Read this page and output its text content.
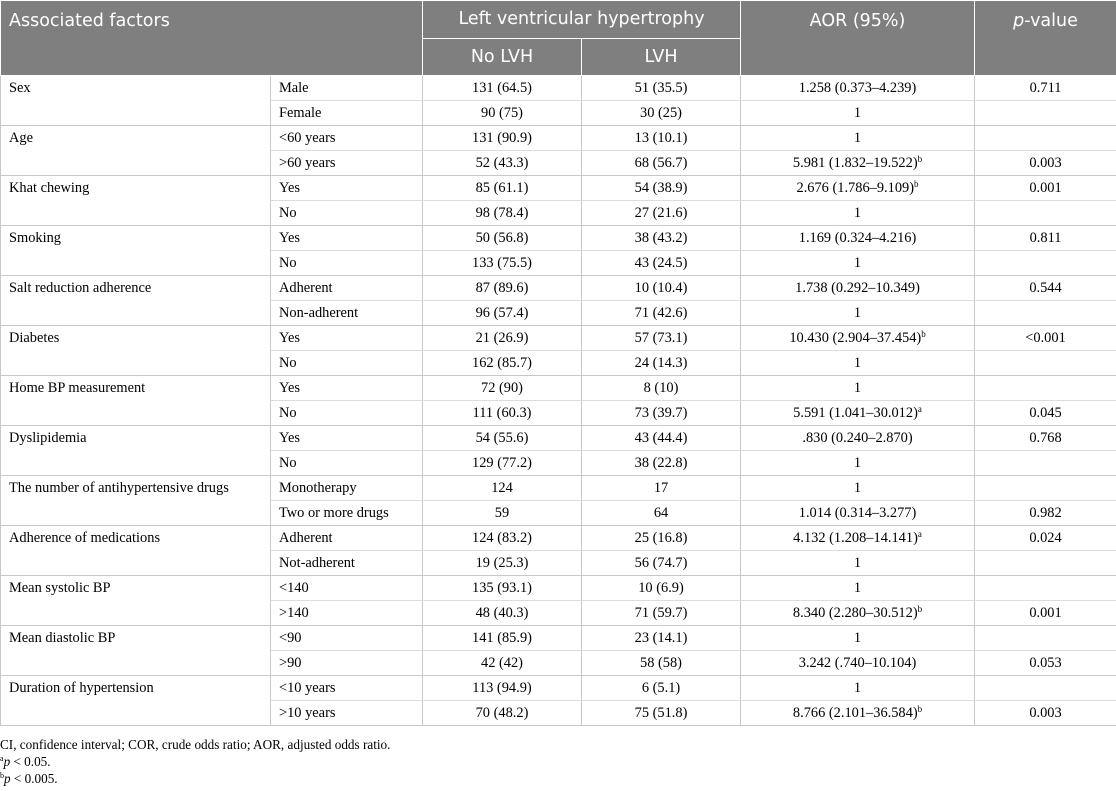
Associated factors		Left ventricular hypertrophy		AOR (95%)	p-value
		No LVH	LVH		
Sex	Male	131 (64.5)	51 (35.5)	1.258 (0.373–4.239)	0.711
	Female	90 (75)	30 (25)	1	
Age	<60 years	131 (90.9)	13 (10.1)	1	
	>60 years	52 (43.3)	68 (56.7)	5.981 $(1.832-19.522)^b$	0.003
Khat chewing	Yes	85 (61.1)	54 (38.9)	2.676 $(1.786-9.109)^b$	0.001
	No	98 (78.4)	27 (21.6)	1	
Smoking	Yes	50 (56.8)	38 (43.2)	1.169 (0.324–4.216)	0.811
	No	133 (75.5)	43 (24.5)	1	
Salt reduction adherence	Adherent	87 (89.6)	10 (10.4)	1.738 (0.292–10.349)	0.544
	Non-adherent	96 (57.4)	71 (42.6)	1	
Diabetes	Yes	21 (26.9)	57 (73.1)	10.430 $(2.904-37.454)^b$	<0.001
	No	162 (85.7)	24 (14.3)	1	
Home BP measurement	Yes	72 (90)	8 (10)	1	
	No	111 (60.3)	73 (39.7)	5.591 $(1.041-30.012)^a$	0.045
Dyslipidemia	Yes	54 (55.6)	43 (44.4)	.830 (0.240–2.870)	0.768
	No	129 (77.2)	38 (22.8)	1	
The number of antihypertensive drugs	Monotherapy	124	17	1	
	Two or more drugs	59	64	1.014 (0.314–3.277)	0.982
Adherence of medications	Adherent	124 (83.2)	25 (16.8)	4.132 $(1.208-14.141)^a$	0.024
	Not-adherent	19 (25.3)	56 (74.7)	1	
Mean systolic BP	<140	135 (93.1)	10 (6.9)	1	
	>140	48 (40.3)	71 (59.7)	8.340 $(2.280-30.512)^b$	0.001
Mean diastolic BP	<90	141 (85.9)	23 (14.1)	1	
	>90	42 (42)	58 (58)	3.242 (.740–10.104)	0.053
Duration of hypertension	<10 years	113 (94.9)	6 (5.1)	1	
	>10 years	70 (48.2)	75 (51.8)	8.766 $(2.101-36.584)^b$	0.003
CI, confidence interval; COR, crude odds ratio; AOR, adjusted odds ratio.
$^a$p < 0.05.
$^b$p < 0.005.
